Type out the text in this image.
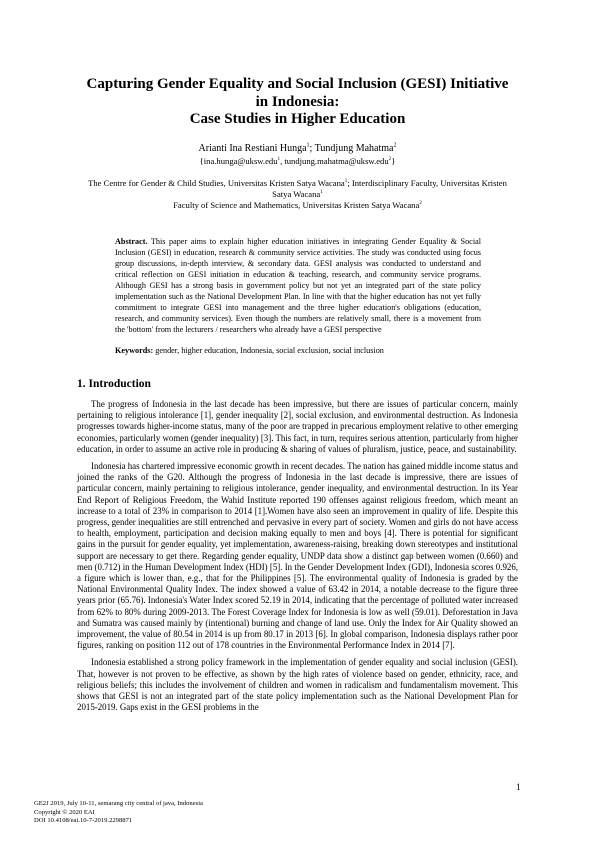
Capturing Gender Equality and Social Inclusion (GESI) Initiative
in Indonesia:
Case Studies in Higher Education
Arianti Ina Restiani Hunga$^1$; Tundjung Mahatma$^2$
{ina.hunga@uksw.edu$^1$, tundjung.mahatma@uksw.edu$^2$}
The Centre for Gender & Child Studies, Universitas Kristen Satya Wacana$^1$; Interdisciplinary Faculty, Universitas Kristen
Satya Wacana$^1$
Faculty of Science and Mathematics, Universitas Kristen Satya Wacana$^2$
Abstract. This paper aims to explain higher education initiatives in integrating Gender Equality & Social Inclusion (GESI) in education, research & community service activities. The study was conducted using focus group discussions, in-depth interview, & secondary data. GESI analysis was conducted to understand and critical reflection on GESI initiation in education & teaching, research, and community service programs. Although GESI has a strong basis in government policy but not yet an integrated part of the state policy implementation such as the National Development Plan. In line with that the higher education has not yet fully commitment to integrate GESI into management and the three higher education's obligations (education, research, and community services). Even though the numbers are relatively small, there is a movement from the 'bottom' from the lecturers / researchers who already have a GESI perspective
Keywords: gender, higher education, Indonesia, social exclusion, social inclusion
1. Introduction

The progress of Indonesia in the last decade has been impressive, but there are issues of particular concern, mainly pertaining to religious intolerance [1], gender inequality [2], social exclusion, and environmental destruction. As Indonesia progresses towards higher-income status, many of the poor are trapped in precarious employment relative to other emerging economies, particularly women (gender inequality) [3]. This fact, in turn, requires serious attention, particularly from higher education, in order to assume an active role in producing & sharing of values of pluralism, justice, peace, and sustainability.

Indonesia has chartered impressive economic growth in recent decades. The nation has gained middle income status and joined the ranks of the G20. Although the progress of Indonesia in the last decade is impressive, there are issues of particular concern, mainly pertaining to religious intolerance, gender inequality, and environmental destruction. In its Year End Report of Religious Freedom, the Wahid Institute reported 190 offenses against religious freedom, which meant an increase to a total of 23% in comparison to 2014 [1].Women have also seen an improvement in quality of life. Despite this progress, gender inequalities are still entrenched and pervasive in every part of society. Women and girls do not have access to health, employment, participation and decision making equally to men and boys [4]. There is potential for significant gains in the pursuit for gender equality, yet implementation, awareness-raising, breaking down stereotypes and institutional support are necessary to get there. Regarding gender equality, UNDP data show a distinct gap between women (0.660) and men (0.712) in the Human Development Index (HDI) [5]. In the Gender Development Index (GDI), Indonesia scores 0.926, a figure which is lower than, e.g., that for the Philippines [5]. The environmental quality of Indonesia is graded by the National Environmental Quality Index. The index showed a value of 63.42 in 2014, a notable decrease to the figure three years prior (65.76). Indonesia's Water Index scored 52.19 in 2014, indicating that the percentage of polluted water increased from 62% to 80% during 2009-2013. The Forest Coverage Index for Indonesia is low as well (59.01). Deforestation in Java and Sumatra was caused mainly by (intentional) burning and change of land use. Only the Index for Air Quality showed an improvement, the value of 80.54 in 2014 is up from 80.17 in 2013 [6]. In global comparison, Indonesia displays rather poor figures, ranking on position 112 out of 178 countries in the Environmental Performance Index in 2014 [7].

Indonesia established a strong policy framework in the implementation of gender equality and social inclusion (GESI). That, however is not proven to be effective, as shown by the high rates of violence based on gender, ethnicity, race, and religious beliefs; this includes the involvement of children and women in radicalism and fundamentalism movement. This shows that GESI is not an integrated part of the state policy implementation such as the National Development Plan for 2015-2019. Gaps exist in the GESI problems in the

1
GE2J 2019, July 10-11, semarang city central of java, Indonesia
Copyright © 2020 EAI
DOI 10.4108/eai.10-7-2019.2298871
